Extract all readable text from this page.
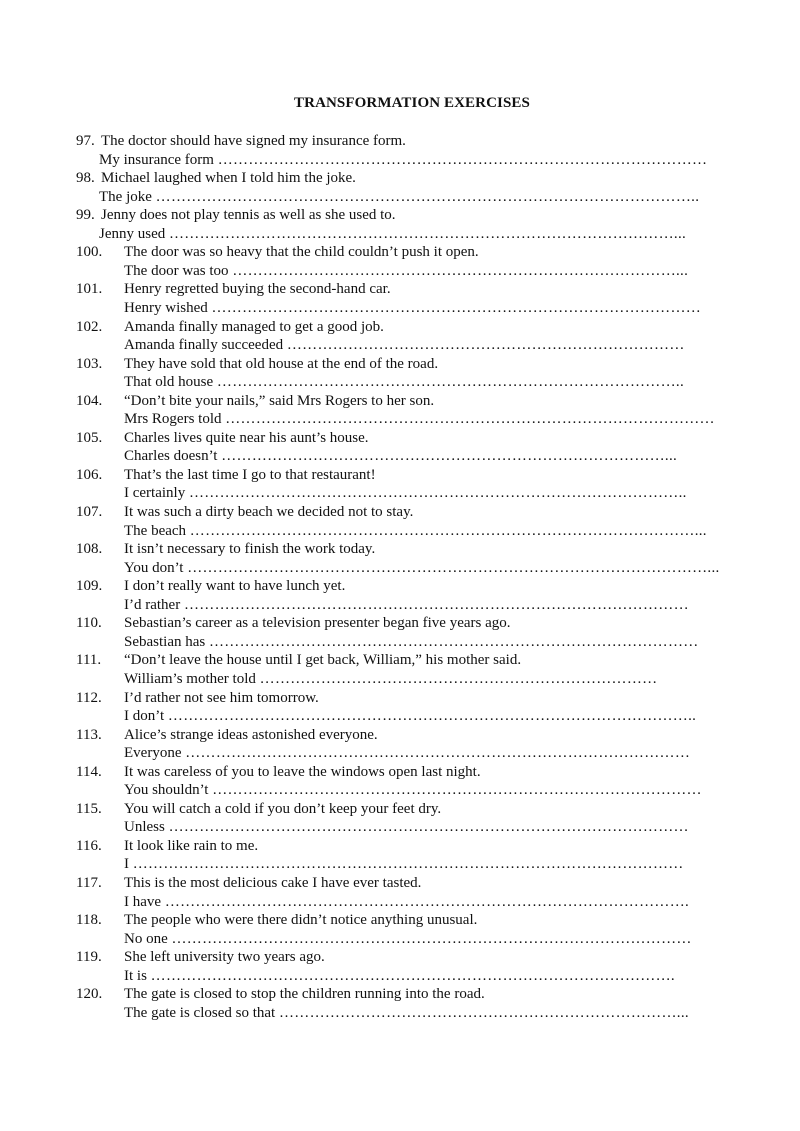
TRANSFORMATION EXERCISES
97. The doctor should have signed my insurance form.
My insurance form ……………………………………………………………………………………
98. Michael laughed when I told him the joke.
The joke ……………………………………………………………………………………………..
99. Jenny does not play tennis as well as she used to.
Jenny used ………………………………………………………………………………………...
100. The door was so heavy that the child couldn’t push it open.
The door was too ……………………………………………………………………………...
101. Henry regretted buying the second-hand car.
Henry wished ……………………………………………………………………………………
102. Amanda finally managed to get a good job.
Amanda finally succeeded ……………………………………………………………………
103. They have sold that old house at the end of the road.
That old house ………………………………………………………………………………..
104. “Don’t bite your nails,” said Mrs Rogers to her son.
Mrs Rogers told ……………………………………………………………………………………
105. Charles lives quite near his aunt’s house.
Charles doesn’t ……………………………………………………………………………...
106. That’s the last time I go to that restaurant!
I certainly ……………………………………………………………………………………..
107. It was such a dirty beach we decided not to stay.
The beach ………………………………………………………………………………………...
108. It isn’t necessary to finish the work today.
You don’t …………………………………………………………………………………………...
109. I don’t really want to have lunch yet.
I’d rather ………………………………………………………………………………………
110. Sebastian’s career as a television presenter began five years ago.
Sebastian has ……………………………………………………………………………………
111. “Don’t leave the house until I get back, William,” his mother said.
William’s mother told ……………………………………………………………………
112. I’d rather not see him tomorrow.
I don’t …………………………………………………………………………………………..
113. Alice’s strange ideas astonished everyone.
Everyone ………………………………………………………………………………………
114. It was careless of you to leave the windows open last night.
You shouldn’t ……………………………………………………………………………………
115. You will catch a cold if you don’t keep your feet dry.
Unless …………………………………………………………………………………………
116. It look like rain to me.
I ………………………………………………………………………………………………
117. This is the most delicious cake I have ever tasted.
I have ………………………………………………………………………………………….
118. The people who were there didn’t notice anything unusual.
No one …………………………………………………………………………………………
119. She left university two years ago.
It is ………………………………………………………………………………………….
120. The gate is closed to stop the children running into the road.
The gate is closed so that ……………………………………………………………………...
